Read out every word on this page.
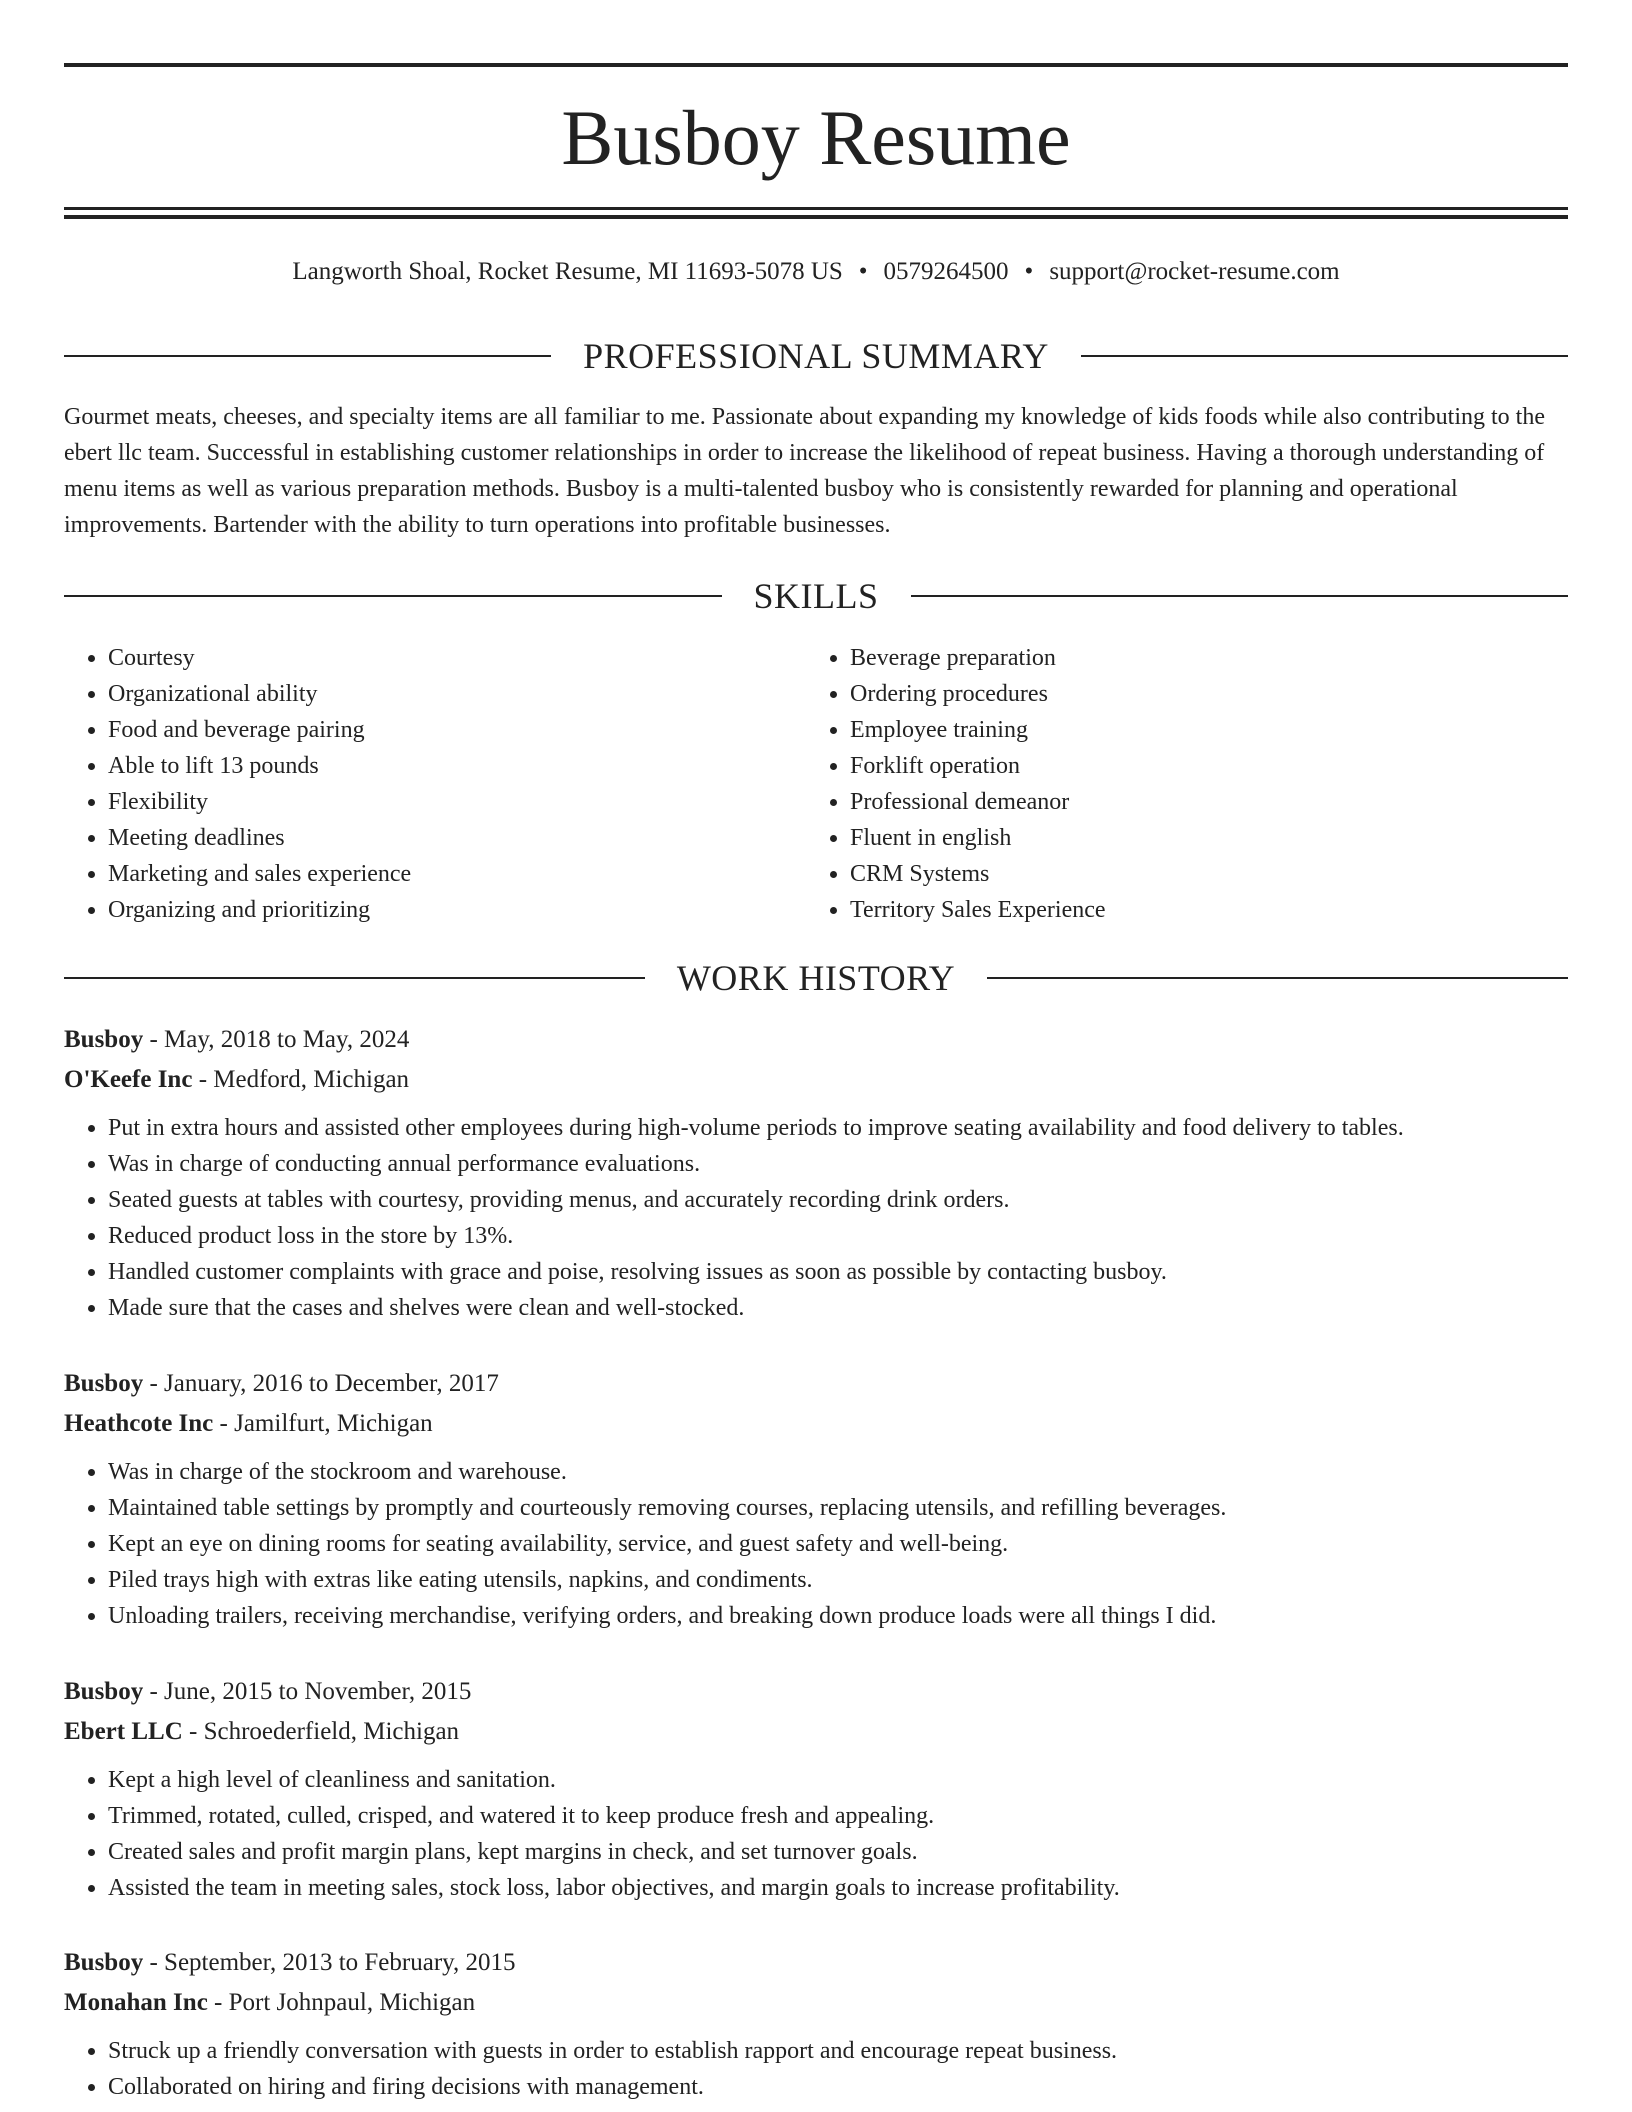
Busboy Resume
Langworth Shoal, Rocket Resume, MI 11693-5078 US • 0579264500 • support@rocket-resume.com
PROFESSIONAL SUMMARY

Gourmet meats, cheeses, and specialty items are all familiar to me. Passionate about expanding my knowledge of kids foods while also contributing to the ebert llc team. Successful in establishing customer relationships in order to increase the likelihood of repeat business. Having a thorough understanding of menu items as well as various preparation methods. Busboy is a multi-talented busboy who is consistently rewarded for planning and operational improvements. Bartender with the ability to turn operations into profitable businesses.

SKILLS
• Courtesy
• Organizational ability
• Food and beverage pairing
• Able to lift 13 pounds
• Flexibility
• Meeting deadlines
• Marketing and sales experience
• Organizing and prioritizing
• Beverage preparation
• Ordering procedures
• Employee training
• Forklift operation
• Professional demeanor
• Fluent in english
• CRM Systems
• Territory Sales Experience
WORK HISTORY
Busboy - May, 2018 to May, 2024
O'Keefe Inc - Medford, Michigan
• Put in extra hours and assisted other employees during high-volume periods to improve seating availability and food delivery to tables.
• Was in charge of conducting annual performance evaluations.
• Seated guests at tables with courtesy, providing menus, and accurately recording drink orders.
• Reduced product loss in the store by 13%.
• Handled customer complaints with grace and poise, resolving issues as soon as possible by contacting busboy.
• Made sure that the cases and shelves were clean and well-stocked.
Busboy - January, 2016 to December, 2017
Heathcote Inc - Jamilfurt, Michigan
• Was in charge of the stockroom and warehouse.
• Maintained table settings by promptly and courteously removing courses, replacing utensils, and refilling beverages.
• Kept an eye on dining rooms for seating availability, service, and guest safety and well-being.
• Piled trays high with extras like eating utensils, napkins, and condiments.
• Unloading trailers, receiving merchandise, verifying orders, and breaking down produce loads were all things I did.
Busboy - June, 2015 to November, 2015
Ebert LLC - Schroederfield, Michigan
• Kept a high level of cleanliness and sanitation.
• Trimmed, rotated, culled, crisped, and watered it to keep produce fresh and appealing.
• Created sales and profit margin plans, kept margins in check, and set turnover goals.
• Assisted the team in meeting sales, stock loss, labor objectives, and margin goals to increase profitability.
Busboy - September, 2013 to February, 2015
Monahan Inc - Port Johnpaul, Michigan
• Struck up a friendly conversation with guests in order to establish rapport and encourage repeat business.
• Collaborated on hiring and firing decisions with management.
